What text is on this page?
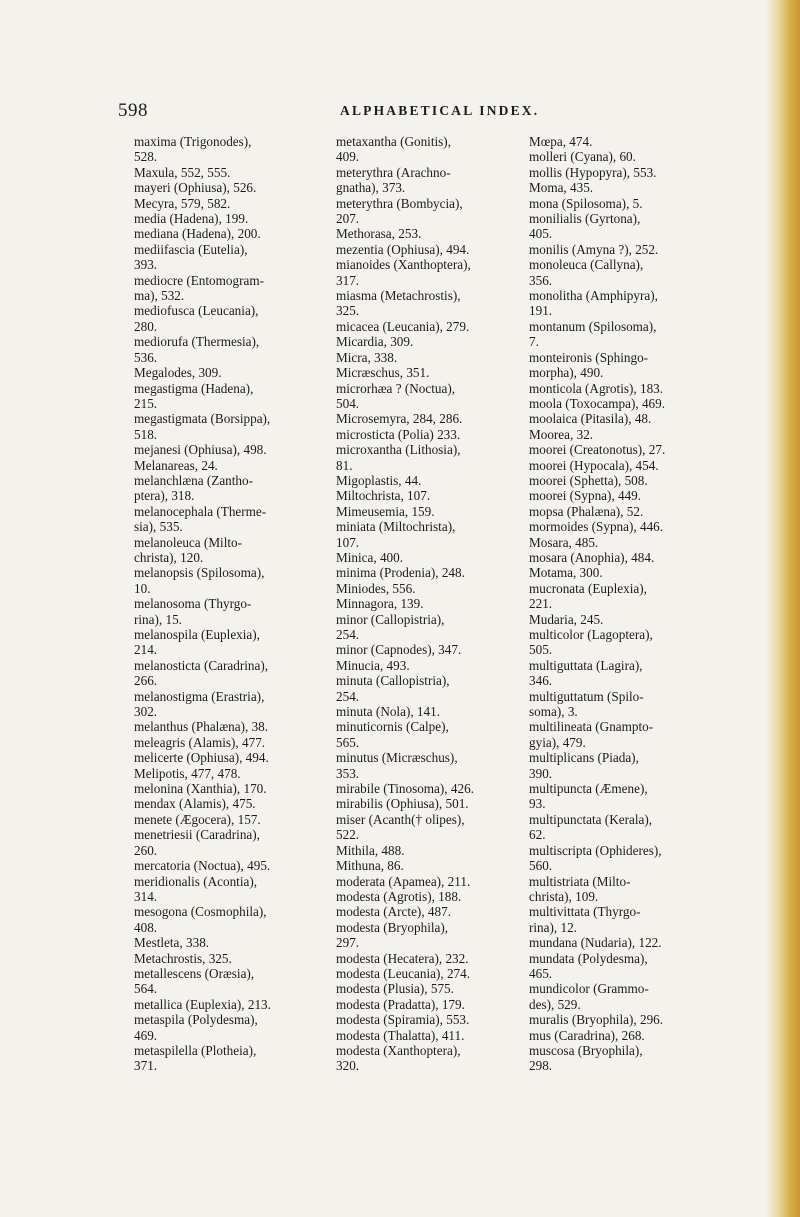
598	ALPHABETICAL INDEX.

maxima (Trigonodes),
528.

Maxula, 552, 555.

mayeri (Ophiusa), 526.

Mecyra, 579, 582.

media (Hadena), 199.

mediana (Hadena), 200.

mediifascia (Eutelia),
393.

mediocre (Entomogram-
ma), 532.

mediofusca (Leucania),
280.

mediorufa (Thermesia),
536.

Megalodes, 309.

megastigma (Hadena),
215.

megastigmata (Borsippa),
518.

mejanesi (Ophiusa), 498.

Melanareas, 24.

melanchlæna (Zantho-
ptera), 318.

melanocephala (Therme-
sia), 535.

melanoleuca (Milto-
christa), 120.

melanopsis (Spilosoma),
10.

melanosoma (Thyrgo-
rina), 15.

melanospila (Euplexia),
214.

melanosticta (Caradrina),
266.

melanostigma (Erastria),
302.

melanthus (Phalæna), 38.

meleagris (Alamis), 477.

melicerte (Ophiusa), 494.

Melipotis, 477, 478.

melonina (Xanthia), 170.

mendax (Alamis), 475.

menete (Ægocera), 157.

menetriesii (Caradrina),
260.

mercatoria (Noctua), 495.

meridionalis (Acontia),
314.

mesogona (Cosmophila),
408.

Mestleta, 338.

Metachrostis, 325.

metallescens (Oræsia),
564.

metallica (Euplexia), 213.

metaspila (Polydesma),
469.

metaspilella (Plotheia),
371.

metaxantha (Gonitis),
409.

meterythra (Arachno-
gnatha), 373.

meterythra (Bombycia),
207.

Methorasa, 253.

mezentia (Ophiusa), 494.

mianoides (Xanthoptera),
317.

miasma (Metachrostis),
325.

micacea (Leucania), 279.

Micardia, 309.

Micra, 338.

Micræschus, 351.

microrhæa ? (Noctua),
504.

Microsemyra, 284, 286.

microsticta (Polia) 233.

microxantha (Lithosia),
81.

Migoplastis, 44.

Miltochrista, 107.

Mimeusemia, 159.

miniata (Miltochrista),
107.

Minica, 400.

minima (Prodenia), 248.

Miniodes, 556.

Minnagora, 139.

minor (Callopistria),
254.

minor (Capnodes), 347.

Minucia, 493.

minuta (Callopistria),
254.

minuta (Nola), 141.

minuticornis (Calpe),
565.

minutus (Micræschus),
353.

mirabile (Tinosoma), 426.

mirabilis (Ophiusa), 501.

miser (Acanth(† olipes),
522.

Mithila, 488.

Mithuna, 86.

moderata (Apamea), 211.

modesta (Agrotis), 188.

modesta (Arcte), 487.

modesta (Bryophila),
297.

modesta (Hecatera), 232.

modesta (Leucania), 274.

modesta (Plusia), 575.

modesta (Pradatta), 179.

modesta (Spiramia), 553.

modesta (Thalatta), 411.

modesta (Xanthoptera),
320.

Mœpa, 474.

molleri (Cyana), 60.

mollis (Hypopyra), 553.

Moma, 435.

mona (Spilosoma), 5.

monilialis (Gyrtona),
405.

monilis (Amyna ?), 252.

monoleuca (Callyna),
356.

monolitha (Amphipyra),
191.

montanum (Spilosoma),
7.

monteironis (Sphingo-
morpha), 490.

monticola (Agrotis), 183.

moola (Toxocampa), 469.

moolaica (Pitasila), 48.

Moorea, 32.

moorei (Creatonotus), 27.

moorei (Hypocala), 454.

moorei (Sphetta), 508.

moorei (Sypna), 449.

mopsa (Phalæna), 52.

mormoides (Sypna), 446.

Mosara, 485.

mosara (Anophia), 484.

Motama, 300.

mucronata (Euplexia),
221.

Mudaria, 245.

multicolor (Lagoptera),
505.

multiguttata (Lagira),
346.

multiguttatum (Spilo-
soma), 3.

multilineata (Gnampto-
gyia), 479.

multiplicans (Piada),
390.

multipuncta (Æmene),
93.

multipunctata (Kerala),
62.

multiscripta (Ophideres),
560.

multistriata (Milto-
christa), 109.

multivittata (Thyrgo-
rina), 12.

mundana (Nudaria), 122.

mundata (Polydesma),
465.

mundicolor (Grammo-
des), 529.

muralis (Bryophila), 296.

mus (Caradrina), 268.

muscosa (Bryophila),
298.
